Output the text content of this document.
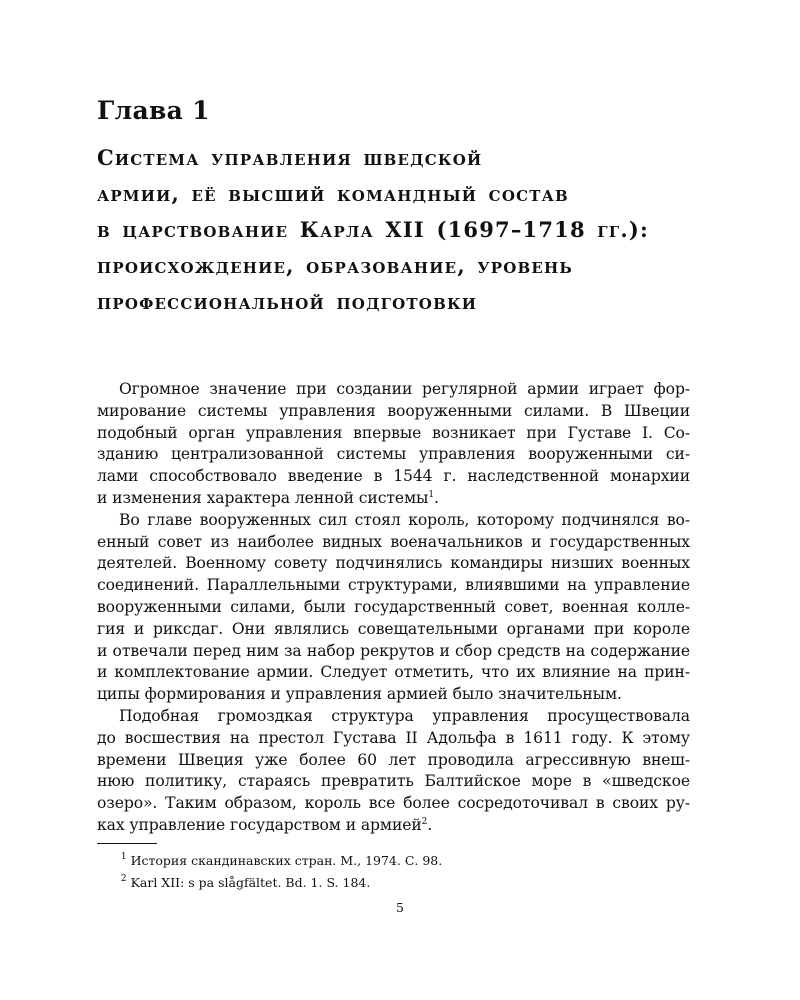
Глава 1
Система управления шведской
армии, её высший командный состав
в царствование Карла XII (1697–1718 гг.):
происхождение, образование, уровень
профессиональной подготовки
Огромное значение при создании регулярной армии играет фор-
мирование системы управления вооруженными силами. В Швеции
подобный орган управления впервые возникает при Густаве I. Со-
зданию централизованной системы управления вооруженными си-
лами способствовало введение в 1544 г. наследственной монархии
и изменения характера ленной системы$^1$.
Во главе вооруженных сил стоял король, которому подчинялся во-
енный совет из наиболее видных военачальников и государственных
деятелей. Военному совету подчинялись командиры низших военных
соединений. Параллельными структурами, влиявшими на управление
вооруженными силами, были государственный совет, военная колле-
гия и риксдаг. Они являлись совещательными органами при короле
и отвечали перед ним за набор рекрутов и сбор средств на содержание
и комплектование армии. Следует отметить, что их влияние на прин-
ципы формирования и управления армией было значительным.
Подобная громоздкая структура управления просуществовала
до восшествия на престол Густава II Адольфа в 1611 году. К этому
времени Швеция уже более 60 лет проводила агрессивную внеш-
нюю политику, стараясь превратить Балтийское море в «шведское
озеро». Таким образом, король все более сосредоточивал в своих ру-
ках управление государством и армией$^2$.
$^1$ История скандинавских стран. М., 1974. С. 98.
$^2$ Karl XII: s pa slågfältet. Bd. 1. S. 184.
5
